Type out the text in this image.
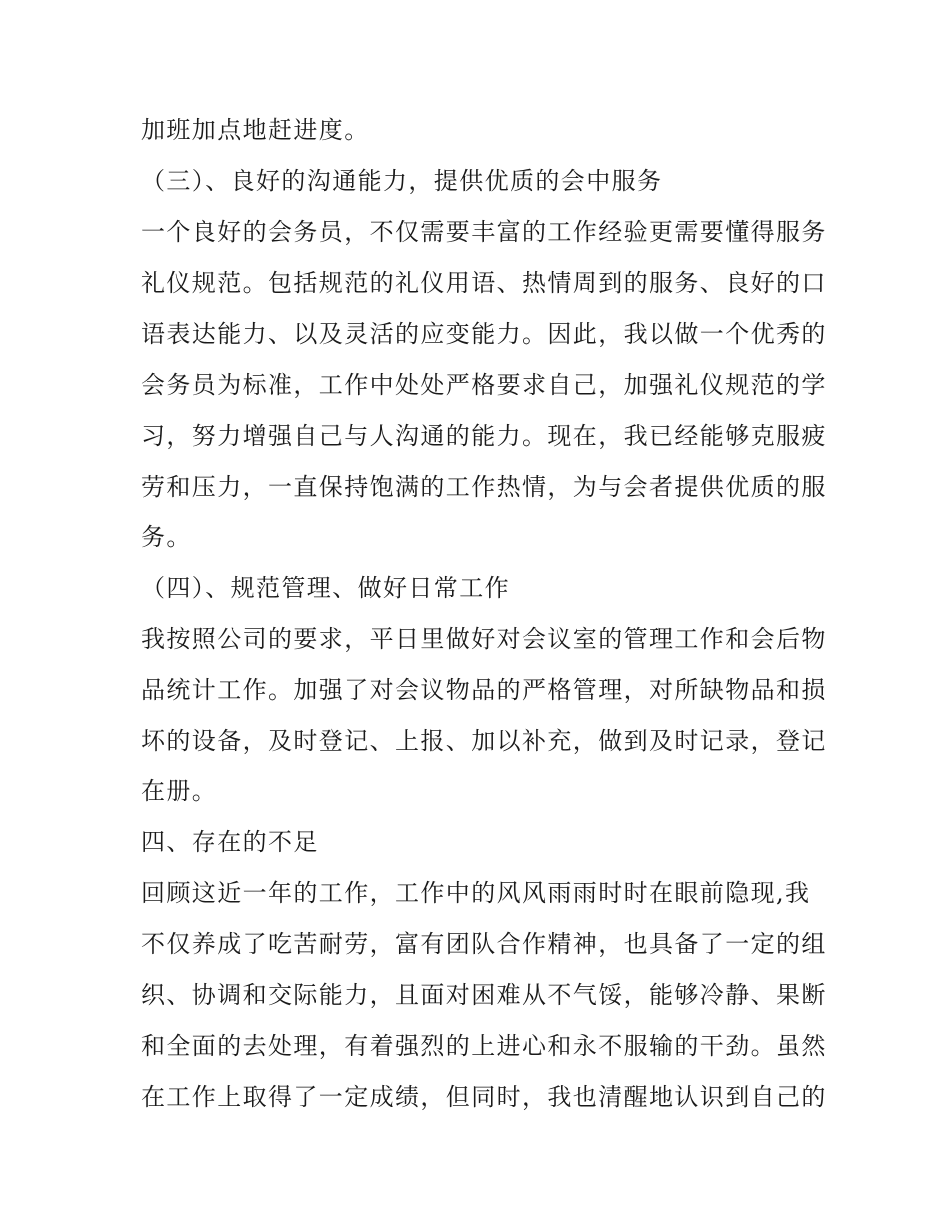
加班加点地赶进度。
（三）、良好的沟通能力，提供优质的会中服务
一个良好的会务员，不仅需要丰富的工作经验更需要懂得服务
礼仪规范。包括规范的礼仪用语、热情周到的服务、良好的口
语表达能力、以及灵活的应变能力。因此，我以做一个优秀的
会务员为标准，工作中处处严格要求自己，加强礼仪规范的学
习，努力增强自己与人沟通的能力。现在，我已经能够克服疲
劳和压力，一直保持饱满的工作热情，为与会者提供优质的服
务。
（四）、规范管理、做好日常工作
我按照公司的要求，平日里做好对会议室的管理工作和会后物
品统计工作。加强了对会议物品的严格管理，对所缺物品和损
坏的设备，及时登记、上报、加以补充，做到及时记录，登记
在册。
四、存在的不足
回顾这近一年的工作，工作中的风风雨雨时时在眼前隐现,我
不仅养成了吃苦耐劳，富有团队合作精神，也具备了一定的组
织、协调和交际能力，且面对困难从不气馁，能够冷静、果断
和全面的去处理，有着强烈的上进心和永不服输的干劲。虽然
在工作上取得了一定成绩，但同时，我也清醒地认识到自己的
